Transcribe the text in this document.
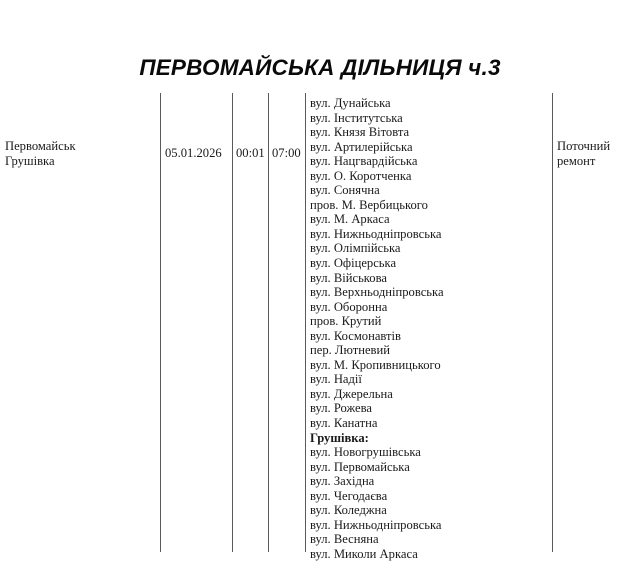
ПЕРВОМАЙСЬКА ДІЛЬНИЦЯ ч.3
Первомайськ
Грушівка
05.01.2026	00:01 07:00
вул. Дунайська
вул. Інститутська
вул. Князя Вітовта
вул. Артилерійська
вул. Нацгвардійська
вул. О. Коротченка
вул. Сонячна
пров. М. Вербицького
вул. М. Аркаса
вул. Нижньодніпровська
вул. Олімпійська
вул. Офіцерська
вул. Військова
вул. Верхньодніпровська
вул. Оборонна
пров. Крутий
вул. Космонавтів
пер. Лютневий
вул. М. Кропивницького
вул. Надії
вул. Джерельна
вул. Рожева
вул. Канатна
Грушівка:
вул. Новогрушівська
вул. Первомайська
вул. Західна
вул. Чегодаєва
вул. Коледжна
вул. Нижньодніпровська
вул. Весняна
вул. Миколи Аркаса
Поточний
ремонт
